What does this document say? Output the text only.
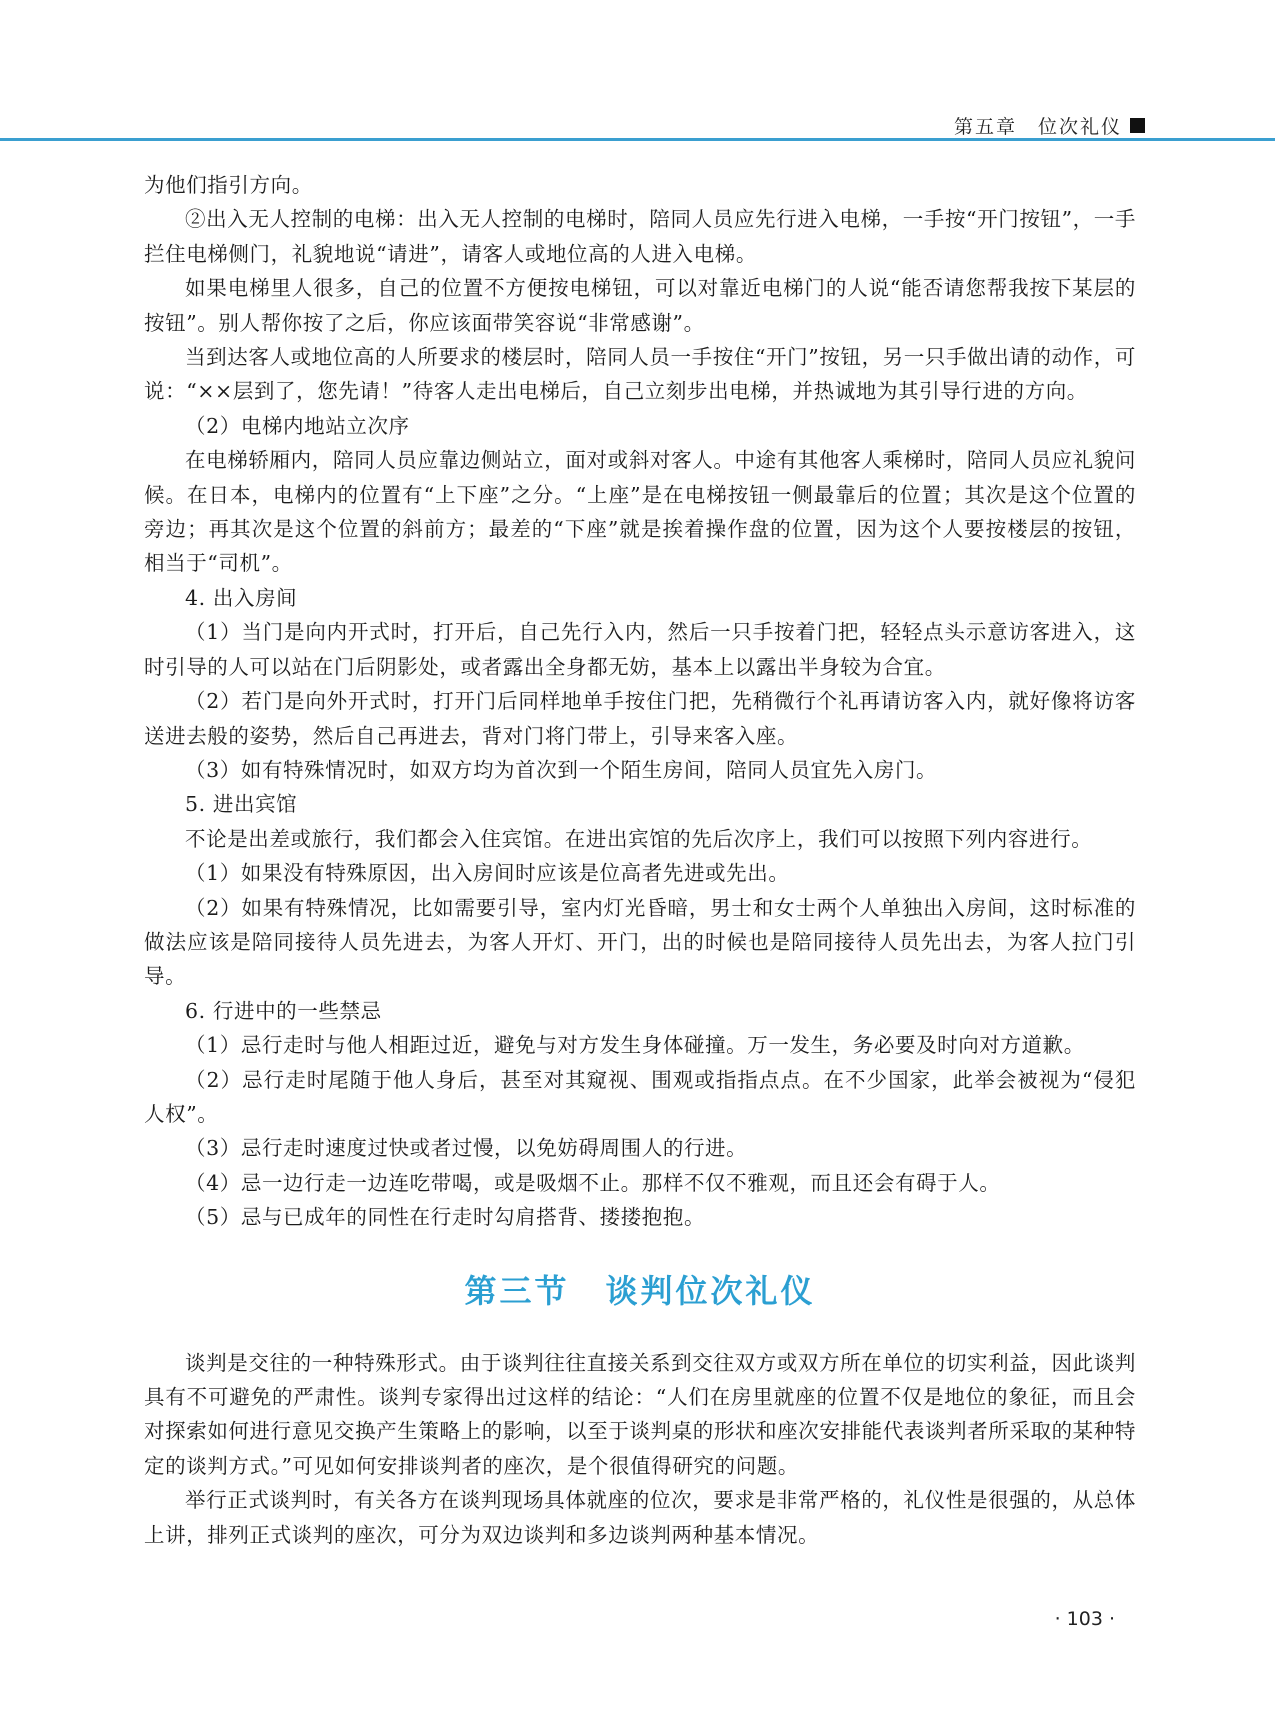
第五章　位次礼仪

为他们指引方向。

②出入无人控制的电梯：出入无人控制的电梯时，陪同人员应先行进入电梯，一手按“开门按钮”，一手拦住电梯侧门，礼貌地说“请进”，请客人或地位高的人进入电梯。

如果电梯里人很多，自己的位置不方便按电梯钮，可以对靠近电梯门的人说“能否请您帮我按下某层的按钮”。别人帮你按了之后，你应该面带笑容说“非常感谢”。

当到达客人或地位高的人所要求的楼层时，陪同人员一手按住“开门”按钮，另一只手做出请的动作，可说：“××层到了，您先请！”待客人走出电梯后，自己立刻步出电梯，并热诚地为其引导行进的方向。

（2）电梯内地站立次序

在电梯轿厢内，陪同人员应靠边侧站立，面对或斜对客人。中途有其他客人乘梯时，陪同人员应礼貌问候。在日本，电梯内的位置有“上下座”之分。“上座”是在电梯按钮一侧最靠后的位置；其次是这个位置的旁边；再其次是这个位置的斜前方；最差的“下座”就是挨着操作盘的位置，因为这个人要按楼层的按钮，相当于“司机”。

4. 出入房间

（1）当门是向内开式时，打开后，自己先行入内，然后一只手按着门把，轻轻点头示意访客进入，这时引导的人可以站在门后阴影处，或者露出全身都无妨，基本上以露出半身较为合宜。

（2）若门是向外开式时，打开门后同样地单手按住门把，先稍微行个礼再请访客入内，就好像将访客送进去般的姿势，然后自己再进去，背对门将门带上，引导来客入座。

（3）如有特殊情况时，如双方均为首次到一个陌生房间，陪同人员宜先入房门。

5. 进出宾馆

不论是出差或旅行，我们都会入住宾馆。在进出宾馆的先后次序上，我们可以按照下列内容进行。

（1）如果没有特殊原因，出入房间时应该是位高者先进或先出。

（2）如果有特殊情况，比如需要引导，室内灯光昏暗，男士和女士两个人单独出入房间，这时标准的做法应该是陪同接待人员先进去，为客人开灯、开门，出的时候也是陪同接待人员先出去，为客人拉门引导。

6. 行进中的一些禁忌

（1）忌行走时与他人相距过近，避免与对方发生身体碰撞。万一发生，务必要及时向对方道歉。

（2）忌行走时尾随于他人身后，甚至对其窥视、围观或指指点点。在不少国家，此举会被视为“侵犯人权”。

（3）忌行走时速度过快或者过慢，以免妨碍周围人的行进。

（4）忌一边行走一边连吃带喝，或是吸烟不止。那样不仅不雅观，而且还会有碍于人。

（5）忌与已成年的同性在行走时勾肩搭背、搂搂抱抱。

第三节 谈判位次礼仪

谈判是交往的一种特殊形式。由于谈判往往直接关系到交往双方或双方所在单位的切实利益，因此谈判具有不可避免的严肃性。谈判专家得出过这样的结论：“人们在房里就座的位置不仅是地位的象征，而且会对探索如何进行意见交换产生策略上的影响，以至于谈判桌的形状和座次安排能代表谈判者所采取的某种特定的谈判方式。”可见如何安排谈判者的座次，是个很值得研究的问题。

举行正式谈判时，有关各方在谈判现场具体就座的位次，要求是非常严格的，礼仪性是很强的，从总体上讲，排列正式谈判的座次，可分为双边谈判和多边谈判两种基本情况。

· 103 ·
